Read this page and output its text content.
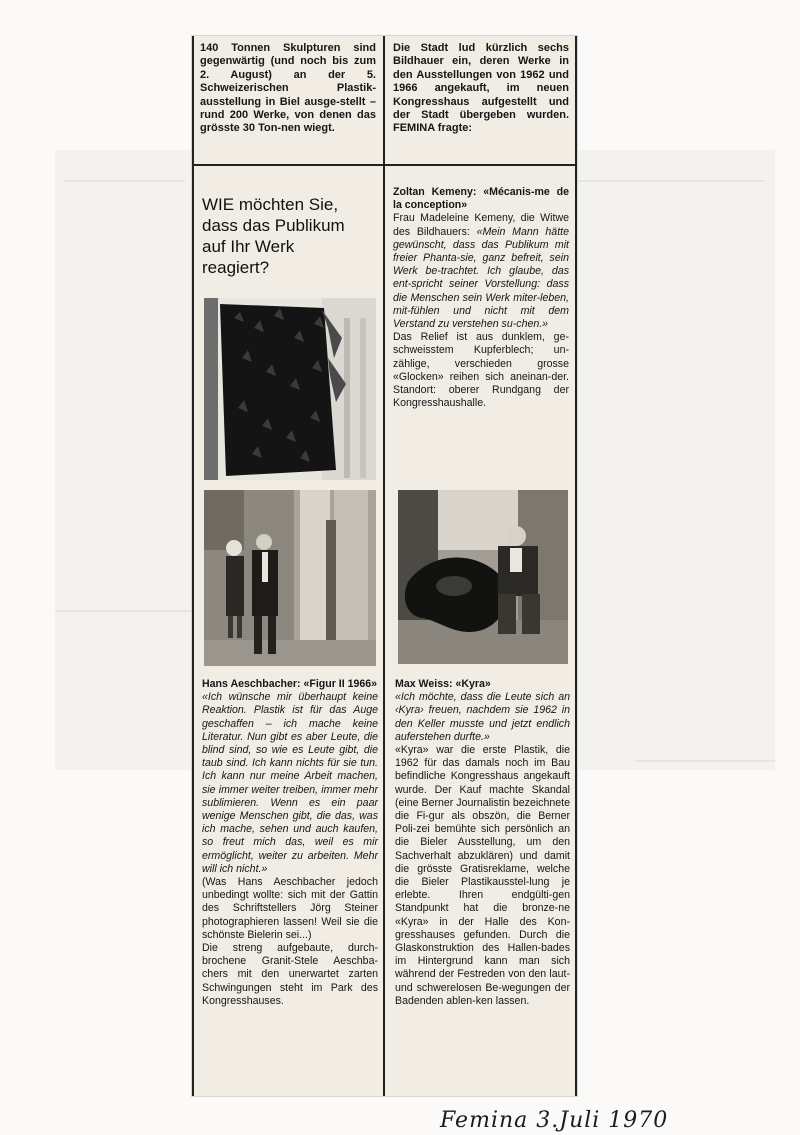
140 Tonnen Skulpturen sind gegenwärtig (und noch bis zum 2. August) an der 5. Schweizerischen Plastik-ausstellung in Biel ausge-stellt – rund 200 Werke, von denen das grösste 30 Ton-nen wiegt.

Die Stadt lud kürzlich sechs Bildhauer ein, deren Werke in den Ausstellungen von 1962 und 1966 angekauft, im neuen Kongresshaus aufgestellt und der Stadt übergeben wurden. FEMINA fragte:

WIE möchten Sie,

dass das Publikum

auf Ihr Werk

reagiert?

Zoltan Kemeny: «Mécanis-me de la conception»

Frau Madeleine Kemeny, die Witwe des Bildhauers: «Mein Mann hätte gewünscht, dass das Publikum mit freier Phanta-sie, ganz befreit, sein Werk be-trachtet. Ich glaube, das ent-spricht seiner Vorstellung: dass die Menschen sein Werk miter-leben, mit-fühlen und nicht mit dem Verstand zu verstehen su-chen.»

Das Relief ist aus dunklem, ge-schweisstem Kupferblech; un-zählige, verschieden grosse «Glocken» reihen sich aneinan-der. Standort: oberer Rundgang der Kongresshaushalle.

Hans Aeschbacher: «Figur II 1966»

«Ich wünsche mir überhaupt keine Reaktion. Plastik ist für das Auge geschaffen – ich mache keine Literatur. Nun gibt es aber Leute, die blind sind, so wie es Leute gibt, die taub sind. Ich kann nichts für sie tun. Ich kann nur meine Arbeit machen, sie immer weiter treiben, immer mehr sublimieren. Wenn es ein paar wenige Menschen gibt, die das, was ich mache, sehen und auch kaufen, so freut mich das, weil es mir ermöglicht, weiter zu arbeiten. Mehr will ich nicht.»

(Was Hans Aeschbacher jedoch unbedingt wollte: sich mit der Gattin des Schriftstellers Jörg Steiner photographieren lassen! Weil sie die schönste Bielerin sei...)

Die streng aufgebaute, durch-brochene Granit-Stele Aeschba-chers mit den unerwartet zarten Schwingungen steht im Park des Kongresshauses.

Max Weiss: «Kyra»

«Ich möchte, dass die Leute sich an ‹Kyra› freuen, nachdem sie 1962 in den Keller musste und jetzt endlich auferstehen durfte.»

«Kyra» war die erste Plastik, die 1962 für das damals noch im Bau befindliche Kongresshaus angekauft wurde. Der Kauf machte Skandal (eine Berner Journalistin bezeichnete die Fi-gur als obszön, die Berner Poli-zei bemühte sich persönlich an die Bieler Ausstellung, um den Sachverhalt abzuklären) und damit die grösste Gratisreklame, welche die Bieler Plastikausstel-lung je erlebte. Ihren endgülti-gen Standpunkt hat die bronze-ne «Kyra» in der Halle des Kon-gresshauses gefunden. Durch die Glaskonstruktion des Hallen-bades im Hintergrund kann man sich während der Festreden von den laut- und schwerelosen Be-wegungen der Badenden ablen-ken lassen.

Femina 3.Juli 1970
